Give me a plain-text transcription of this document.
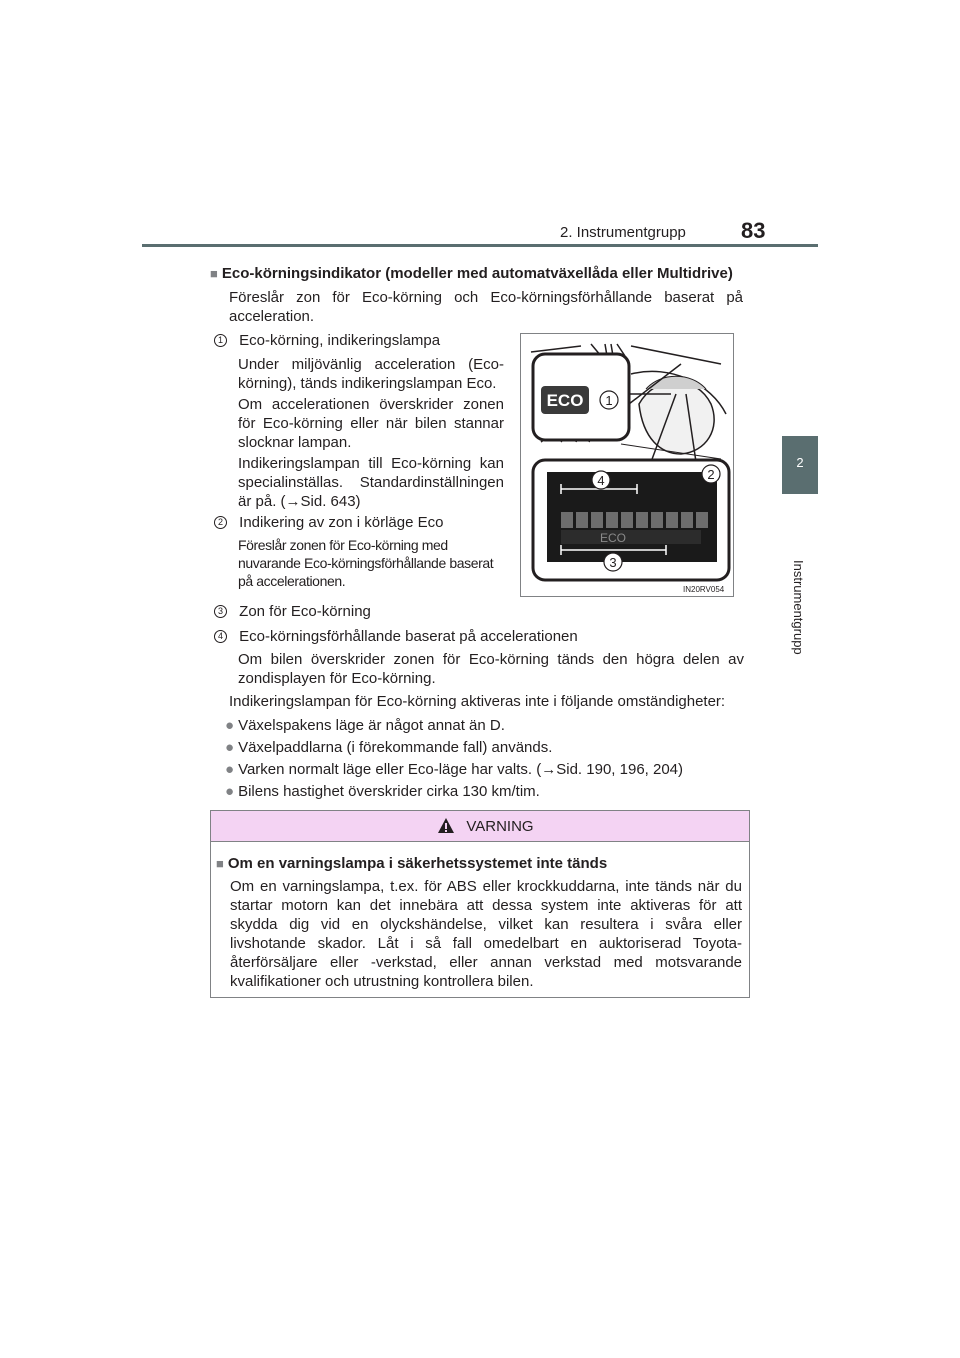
2. Instrumentgrupp	83
2
Instrumentgrupp
■ Eco-körningsindikator (modeller med automatväxellåda eller Multidrive)
Föreslår zon för Eco-körning och Eco-körningsförhållande baserat på acceleration.
1 Eco-körning, indikeringslampa
Under miljövänlig acceleration (Eco-körning), tänds indikeringslampan Eco.
Om accelerationen överskrider zonen för Eco-körning eller när bilen stannar slocknar lampan.
Indikeringslampan till Eco-körning kan specialinställas. Standardinställningen är på. (→Sid. 643)
2 Indikering av zon i körläge Eco
Föreslår zonen för Eco-körning med nuvarande Eco-körningsförhållande baserat på accelerationen.
ECO 1
ECO
4	2
3
IN20RV054
3 Zon för Eco-körning
4 Eco-körningsförhållande baserat på accelerationen
Om bilen överskrider zonen för Eco-körning tänds den högra delen av zondisplayen för Eco-körning.
Indikeringslampan för Eco-körning aktiveras inte i följande omständigheter:
● Växelspakens läge är något annat än D.
● Växelpaddlarna (i förekommande fall) används.
● Varken normalt läge eller Eco-läge har valts. (→Sid. 190, 196, 204)
● Bilens hastighet överskrider cirka 130 km/tim.
VARNING
■ Om en varningslampa i säkerhetssystemet inte tänds
Om en varningslampa, t.ex. för ABS eller krockkuddarna, inte tänds när du startar motorn kan det innebära att dessa system inte aktiveras för att skydda dig vid en olyckshändelse, vilket kan resultera i svåra eller livshotande skador. Låt i så fall omedelbart en auktoriserad Toyota-återförsäljare eller -verkstad, eller annan verkstad med motsvarande kvalifikationer och utrustning kontrollera bilen.
